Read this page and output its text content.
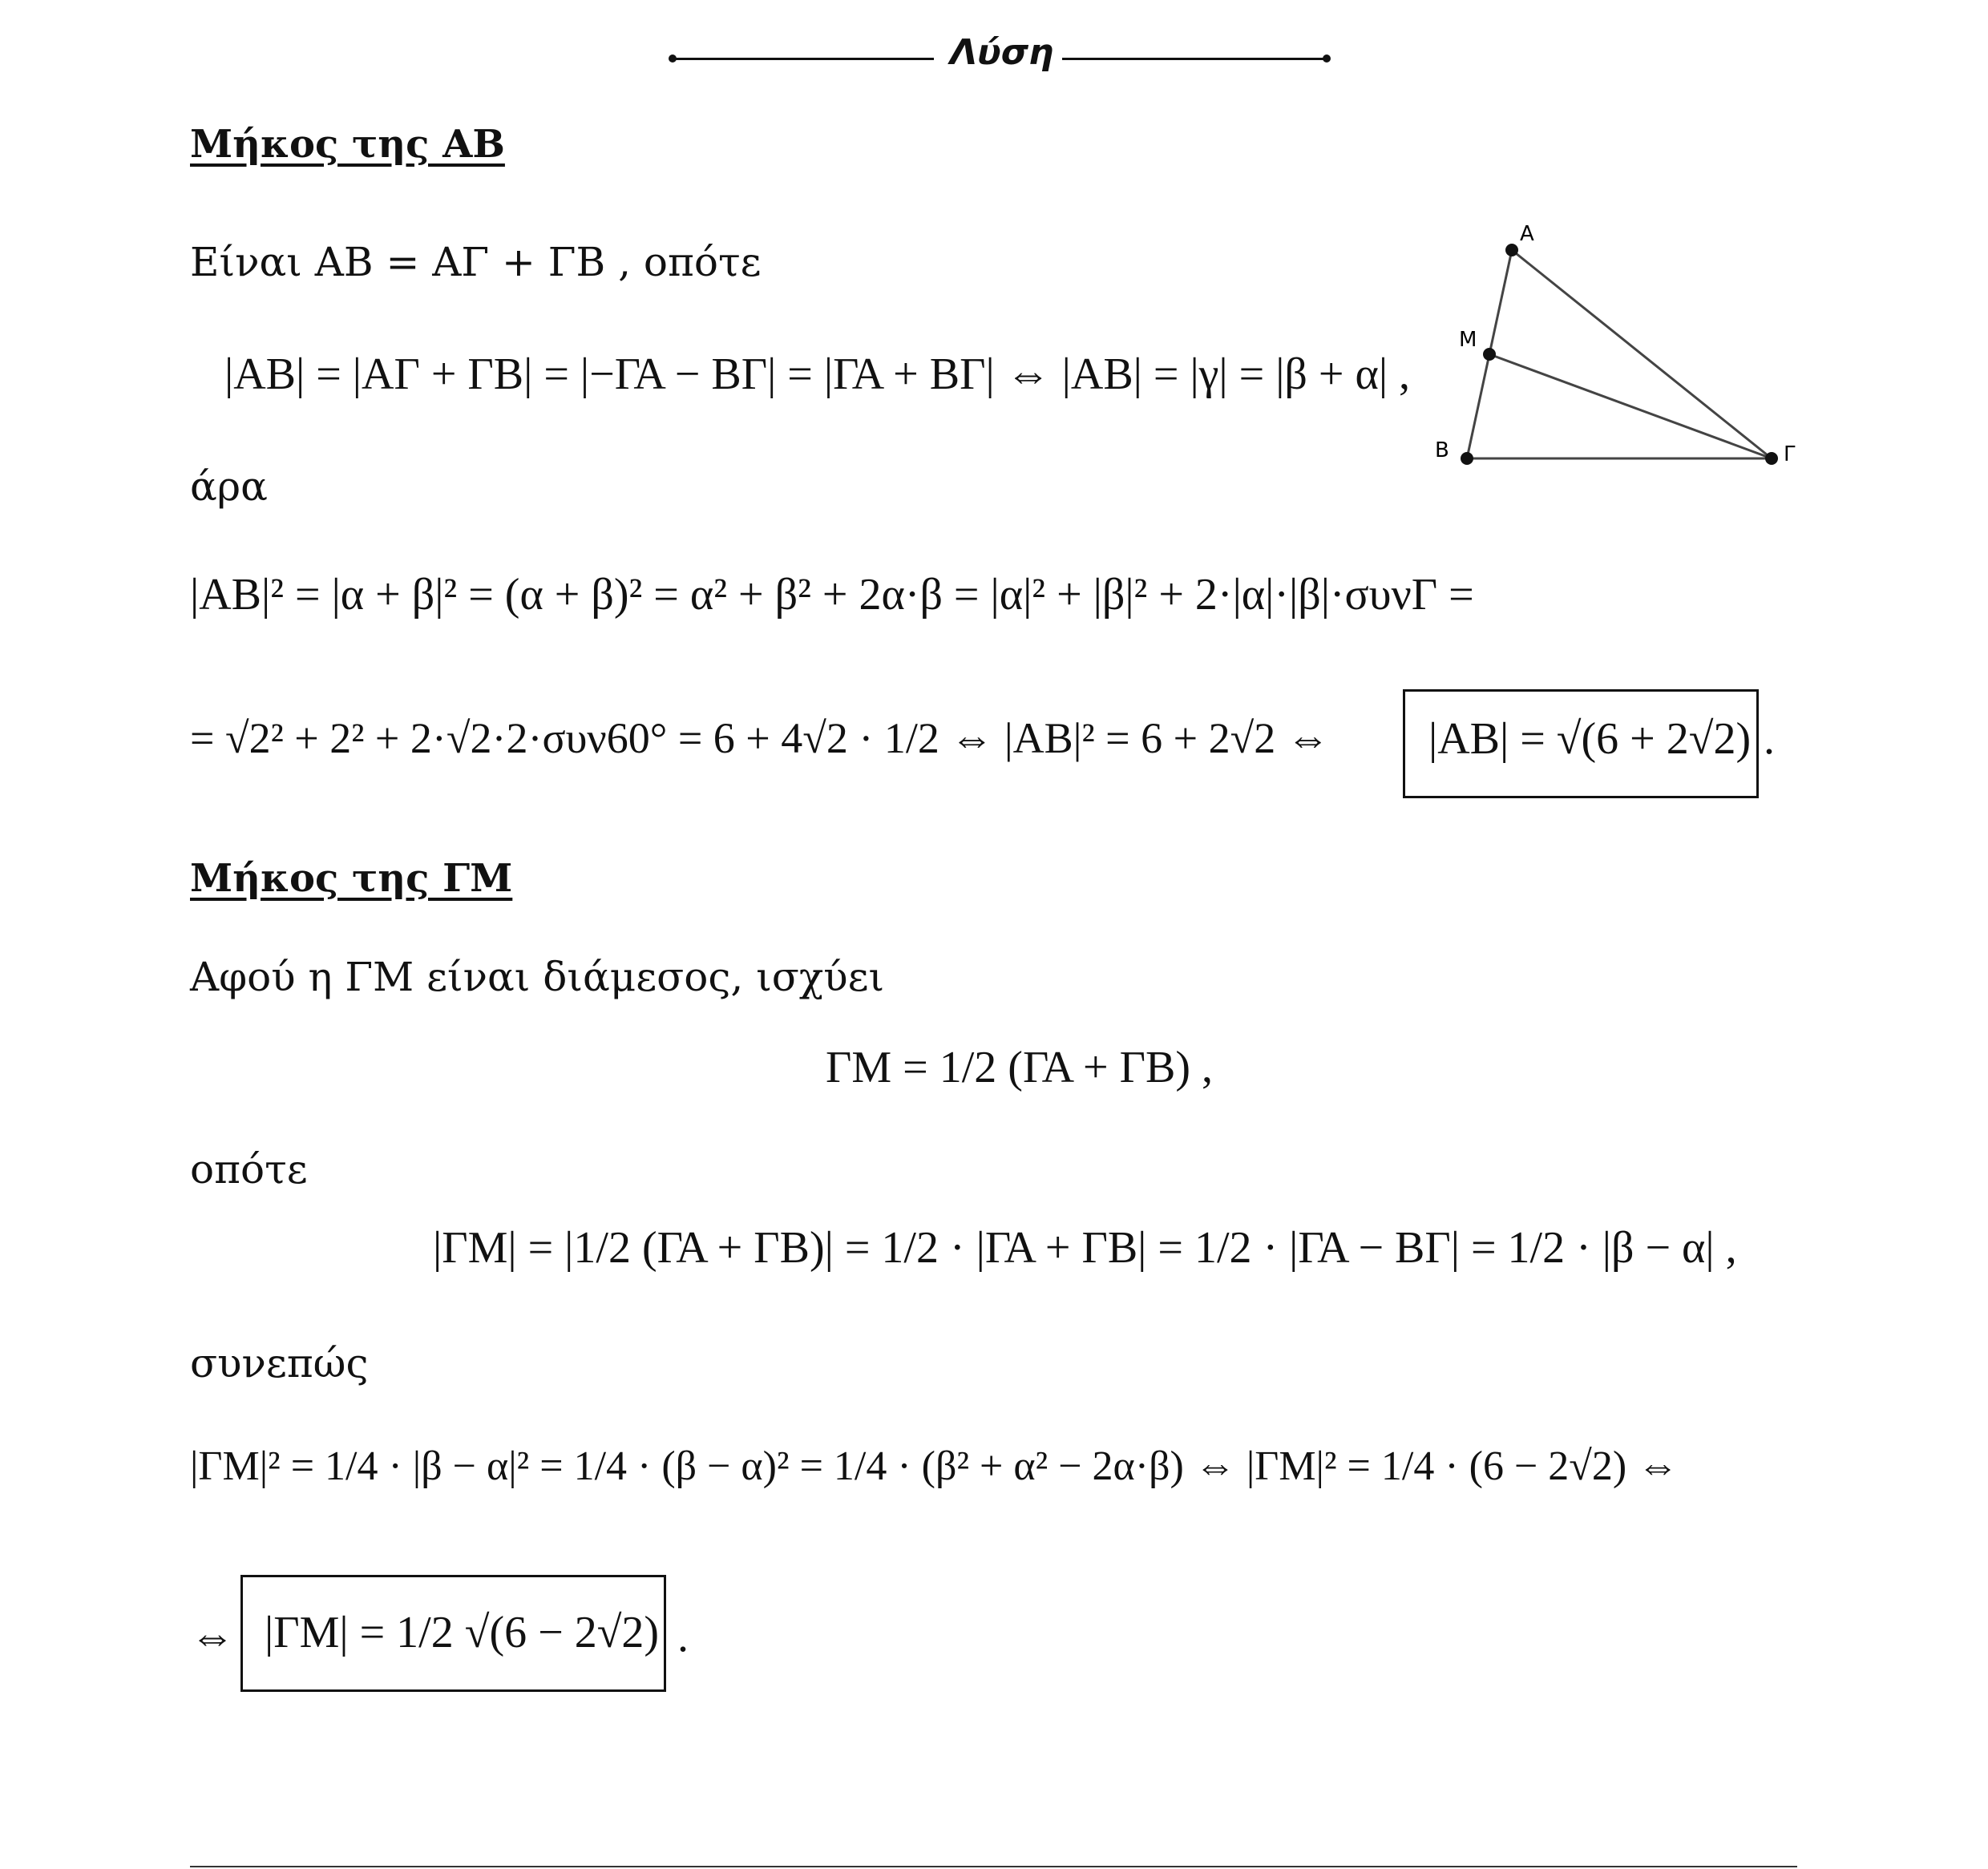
Λύση
Μήκος της ΑΒ
Είναι ΑΒ = ΑΓ + ΓΒ , οπότε
|ΑΒ| = |ΑΓ + ΓΒ| = |−ΓΑ − ΒΓ| = |ΓΑ + ΒΓ| ⇔ |ΑΒ| = |γ| = |β + α| ,
άρα
|ΑΒ|² = |α + β|² = (α + β)² = α² + β² + 2α·β = |α|² + |β|² + 2·|α|·|β|·συνΓ =
= √2² + 2² + 2·√2·2·συν60° = 6 + 4√2 · 1/2 ⇔ |ΑΒ|² = 6 + 2√2 ⇔ |ΑΒ| = √(6 + 2√2) .
A
M
B	Γ
Μήκος της ΓΜ
Αφού η ΓΜ είναι διάμεσος, ισχύει
ΓΜ = 1/2 (ΓΑ + ΓΒ) ,
οπότε
|ΓΜ| = |1/2 (ΓΑ + ΓΒ)| = 1/2 · |ΓΑ + ΓΒ| = 1/2 · |ΓΑ − ΒΓ| = 1/2 · |β − α| ,
συνεπώς
|ΓΜ|² = 1/4 · |β − α|² = 1/4 · (β − α)² = 1/4 · (β² + α² − 2α·β) ⇔ |ΓΜ|² = 1/4 · (6 − 2√2) ⇔
⇔ |ΓΜ| = 1/2 √(6 − 2√2) .
